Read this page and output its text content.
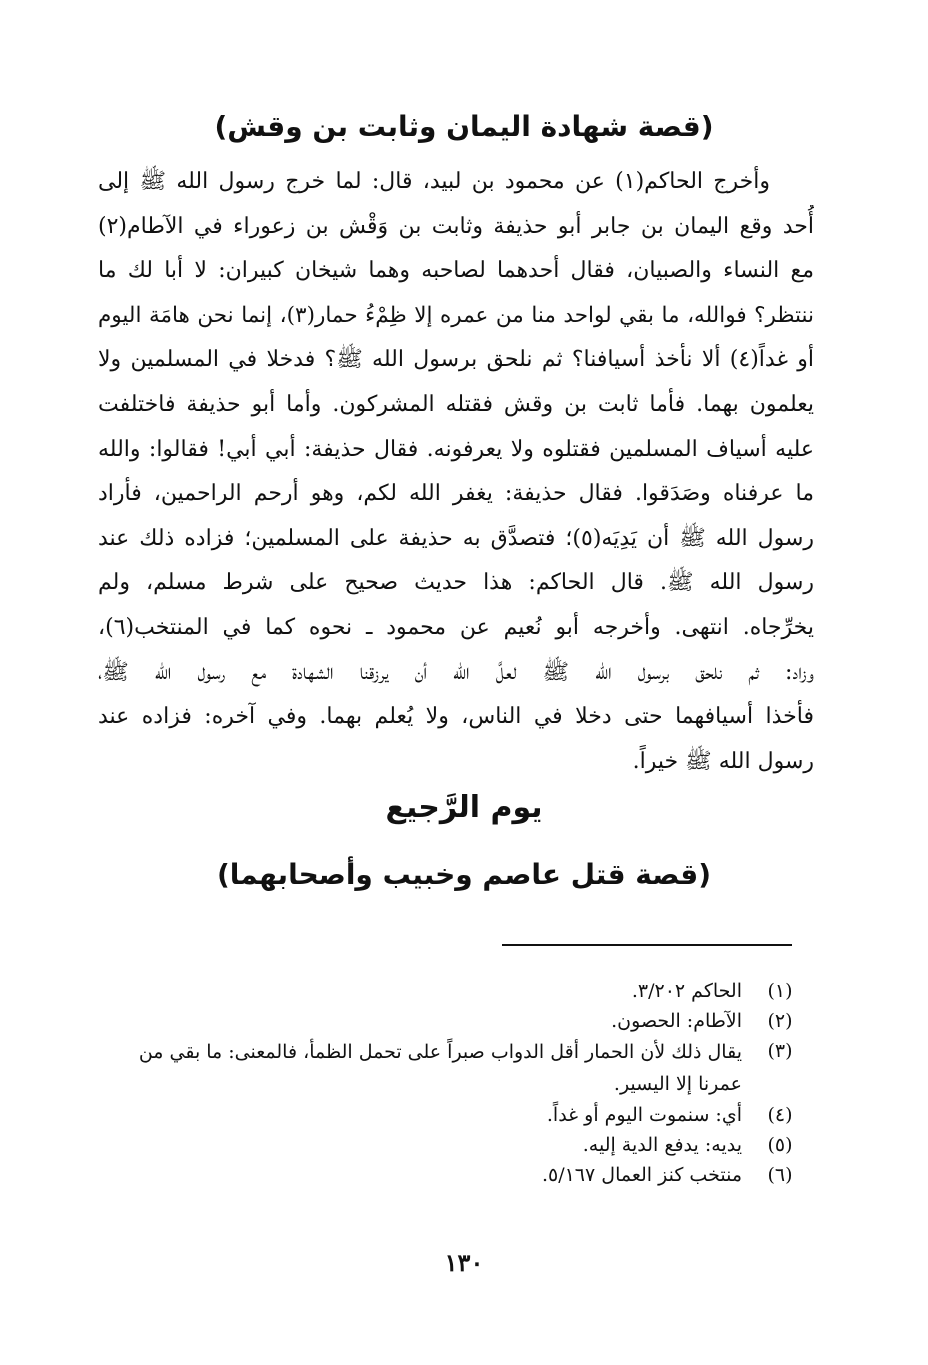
(قصة شهادة اليمان وثابت بن وقش)
وأخرج الحاكم(١) عن محمود بن لبيد، قال: لما خرج رسول الله ﷺ إلى
أُحد وقع اليمان بن جابر أبو حذيفة وثابت بن وَقْش بن زعوراء في الآطام(٢)
مع النساء والصبيان، فقال أحدهما لصاحبه وهما شيخان كبيران: لا أبا لك ما
ننتظر؟ فوالله، ما بقي لواحد منا من عمره إلا ظِمْءُ حمار(٣)، إنما نحن هامَة اليوم
أو غداً(٤) ألا نأخذ أسيافنا؟ ثم نلحق برسول الله ﷺ؟ فدخلا في المسلمين ولا
يعلمون بهما. فأما ثابت بن وقش فقتله المشركون. وأما أبو حذيفة فاختلفت
عليه أسياف المسلمين فقتلوه ولا يعرفونه. فقال حذيفة: أبي أبي! فقالوا: والله
ما عرفناه وصَدَقوا. فقال حذيفة: يغفر الله لكم، وهو أرحم الراحمين، فأراد
رسول الله ﷺ أن يَدِيَه(٥)؛ فتصدَّق به حذيفة على المسلمين؛ فزاده ذلك عند
رسول الله ﷺ. قال الحاكم: هذا حديث صحيح على شرط مسلم، ولم
يخرِّجاه. انتهى. وأخرجه أبو نُعيم عن محمود ـ نحوه كما في المنتخب(٦)،
وزاد: ثم نلحق برسول الله ﷺ لعلَّ الله أن يرزقنا الشهادة مع رسول الله ﷺ،
فأخذا أسيافهما حتى دخلا في الناس، ولا يُعلم بهما. وفي آخره: فزاده عند
رسول الله ﷺ خيراً.
يوم الرَّجيع
(قصة قتل عاصم وخبيب وأصحابهما)
(١)
الحاكم ٣/٢٠٢.
(٢)
الآطام: الحصون.
(٣)
يقال ذلك لأن الحمار أقل الدواب صبراً على تحمل الظمأ، فالمعنى: ما بقي من عمرنا إلا اليسير.
(٤)
أي: سنموت اليوم أو غداً.
(٥)
يديه: يدفع الدية إليه.
(٦)
منتخب كنز العمال ٥/١٦٧.
١٣٠
